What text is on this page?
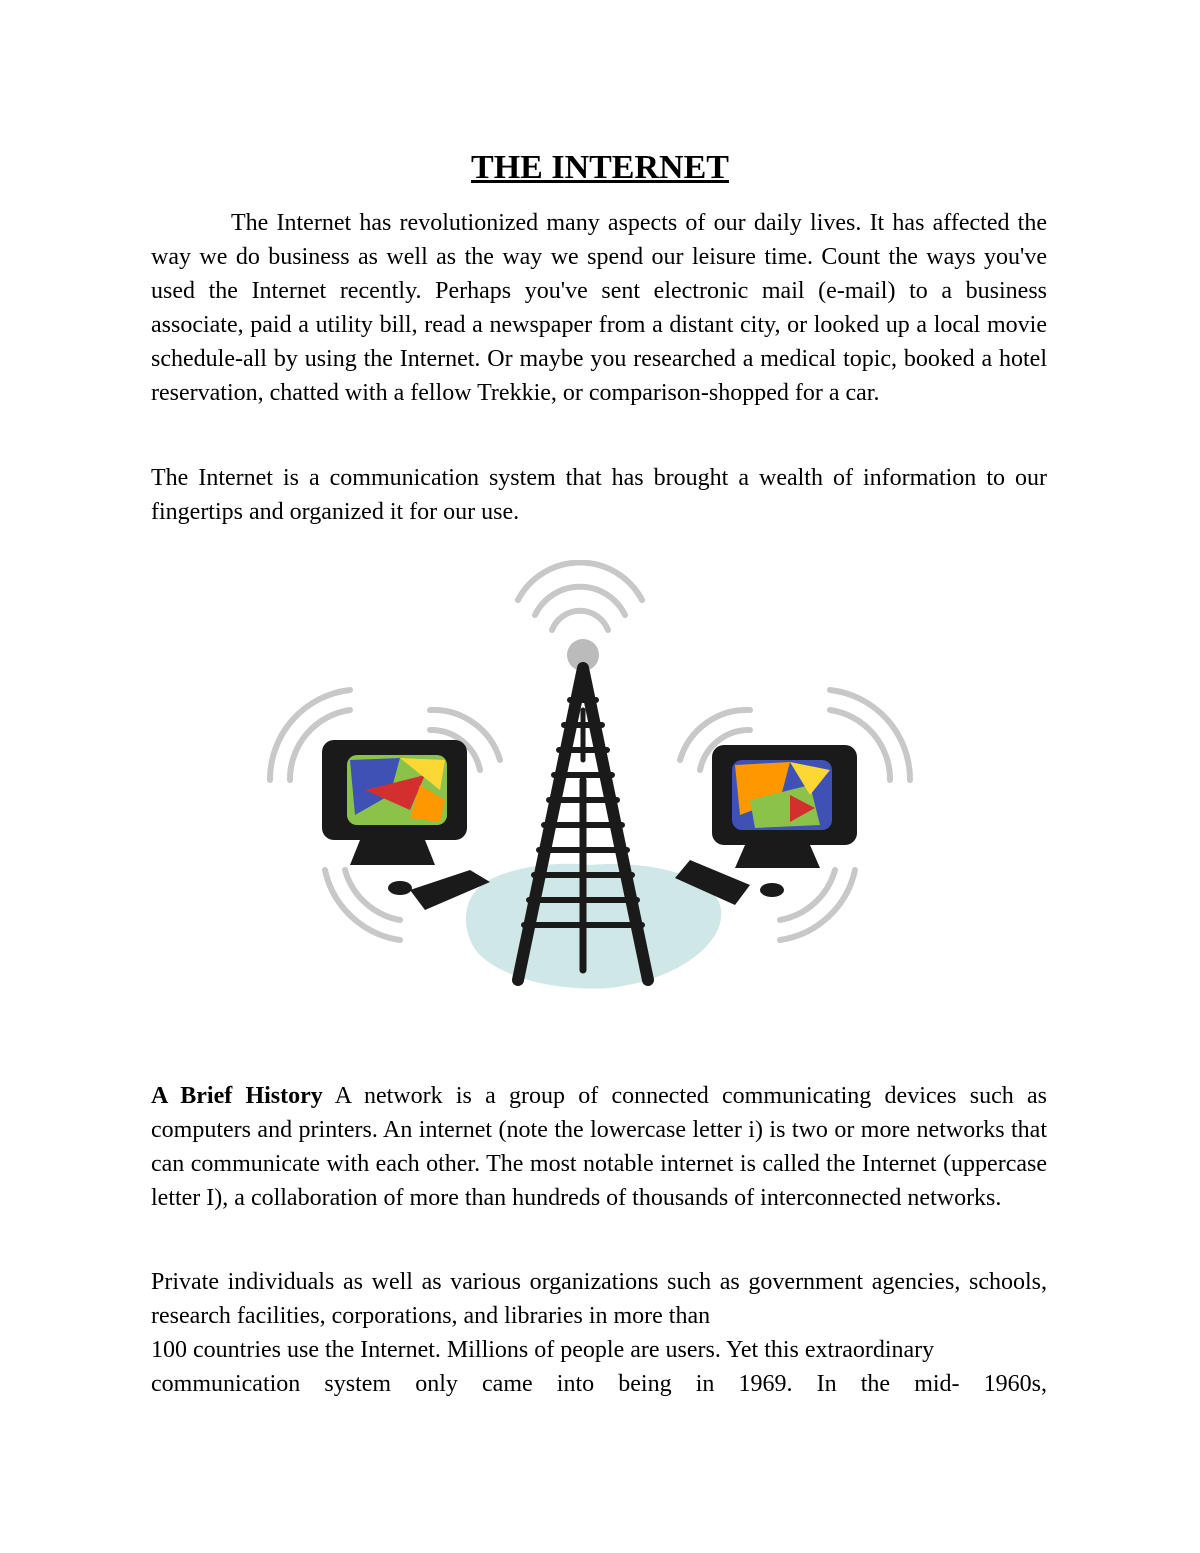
THE INTERNET

The Internet has revolutionized many aspects of our daily lives. It has affected the way we do business as well as the way we spend our leisure time. Count the ways you've used the Internet recently. Perhaps you've sent electronic mail (e-mail) to a business associate, paid a utility bill, read a newspaper from a distant city, or looked up a local movie schedule-all by using the Internet. Or maybe you researched a medical topic, booked a hotel reservation, chatted with a fellow Trekkie, or comparison-shopped for a car.

The Internet is a communication system that has brought a wealth of information to our fingertips and organized it for our use.

A Brief History A network is a group of connected communicating devices such as computers and printers. An internet (note the lowercase letter i) is two or more networks that can communicate with each other. The most notable internet is called the Internet (uppercase letter I), a collaboration of more than hundreds of thousands of interconnected networks.

Private individuals as well as various organizations such as government agencies, schools, research facilities, corporations, and libraries in more than
100 countries use the Internet. Millions of people are users. Yet this extraordinary
communication system only came into being in 1969. In the mid- 1960s,
